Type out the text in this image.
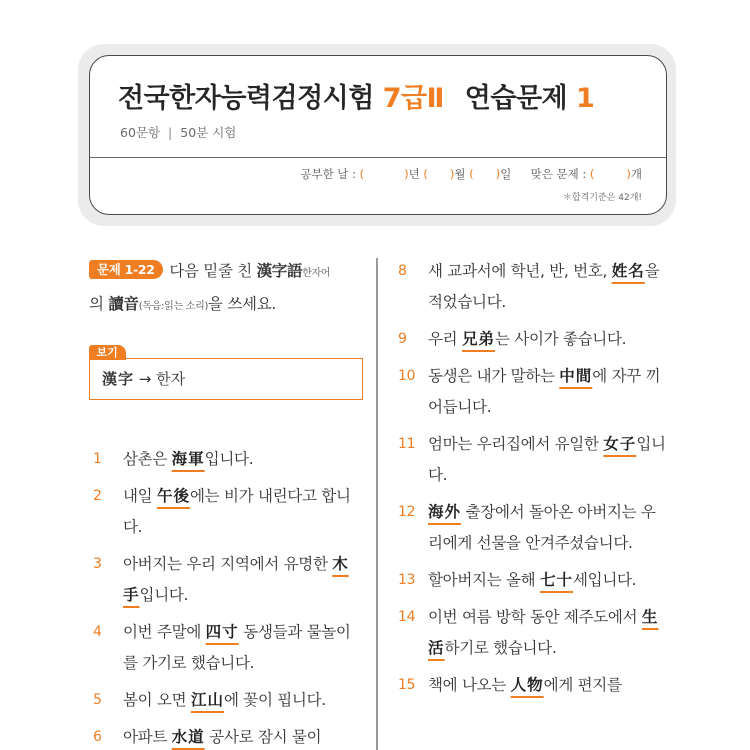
전국한자능력검정시험 7급Ⅱ 연습문제 1
60문항 | 50분 시험
공부한 날 : (	)년 ( )월 ( )일 맞은 문제 : (	)개
＊합격기준은 42개!
문제 1-22 다음 밑줄 친 漢字語한자어
의 讀音(독음:읽는 소리)을 쓰세요.
보기
漢字 → 한자
1 삼촌은 海軍입니다.
2 내일 午後에는 비가 내린다고 합니다.
3 아버지는 우리 지역에서 유명한 木手입니다.
4 이번 주말에 四寸 동생들과 물놀이를 가기로 했습니다.
5 봄이 오면 江山에 꽃이 핍니다.
6 아파트 水道 공사로 잠시 물이
8 새 교과서에 학년, 반, 번호, 姓名을 적었습니다.
9 우리 兄弟는 사이가 좋습니다.
10 동생은 내가 말하는 中間에 자꾸 끼어듭니다.
11 엄마는 우리집에서 유일한 女子입니다.
12 海外 출장에서 돌아온 아버지는 우리에게 선물을 안겨주셨습니다.
13 할아버지는 올해 七十세입니다.
14 이번 여름 방학 동안 제주도에서 生活하기로 했습니다.
15 책에 나오는 人物에게 편지를
